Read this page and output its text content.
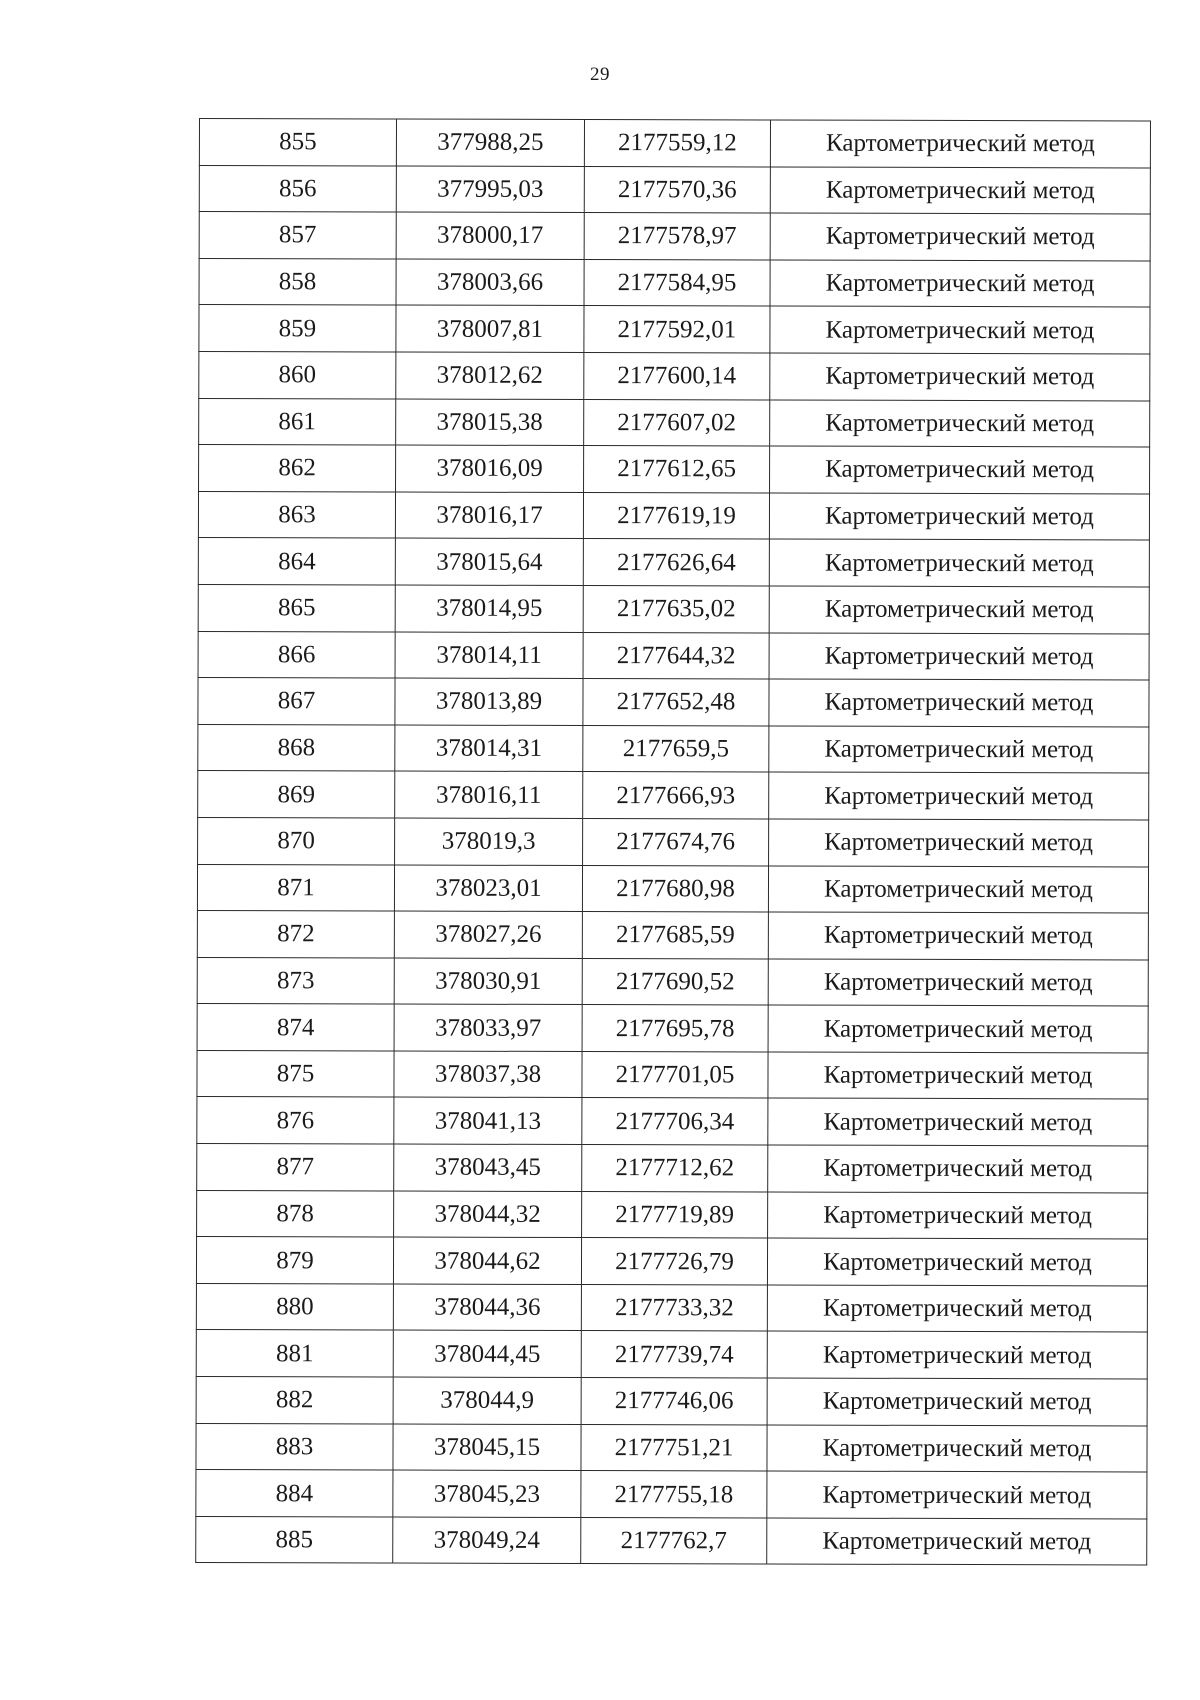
29
855	377988,25	2177559,12	Картометрический метод
856	377995,03	2177570,36	Картометрический метод
857	378000,17	2177578,97	Картометрический метод
858	378003,66	2177584,95	Картометрический метод
859	378007,81	2177592,01	Картометрический метод
860	378012,62	2177600,14	Картометрический метод
861	378015,38	2177607,02	Картометрический метод
862	378016,09	2177612,65	Картометрический метод
863	378016,17	2177619,19	Картометрический метод
864	378015,64	2177626,64	Картометрический метод
865	378014,95	2177635,02	Картометрический метод
866	378014,11	2177644,32	Картометрический метод
867	378013,89	2177652,48	Картометрический метод
868	378014,31	2177659,5	Картометрический метод
869	378016,11	2177666,93	Картометрический метод
870	378019,3	2177674,76	Картометрический метод
871	378023,01	2177680,98	Картометрический метод
872	378027,26	2177685,59	Картометрический метод
873	378030,91	2177690,52	Картометрический метод
874	378033,97	2177695,78	Картометрический метод
875	378037,38	2177701,05	Картометрический метод
876	378041,13	2177706,34	Картометрический метод
877	378043,45	2177712,62	Картометрический метод
878	378044,32	2177719,89	Картометрический метод
879	378044,62	2177726,79	Картометрический метод
880	378044,36	2177733,32	Картометрический метод
881	378044,45	2177739,74	Картометрический метод
882	378044,9	2177746,06	Картометрический метод
883	378045,15	2177751,21	Картометрический метод
884	378045,23	2177755,18	Картометрический метод
885	378049,24	2177762,7	Картометрический метод
